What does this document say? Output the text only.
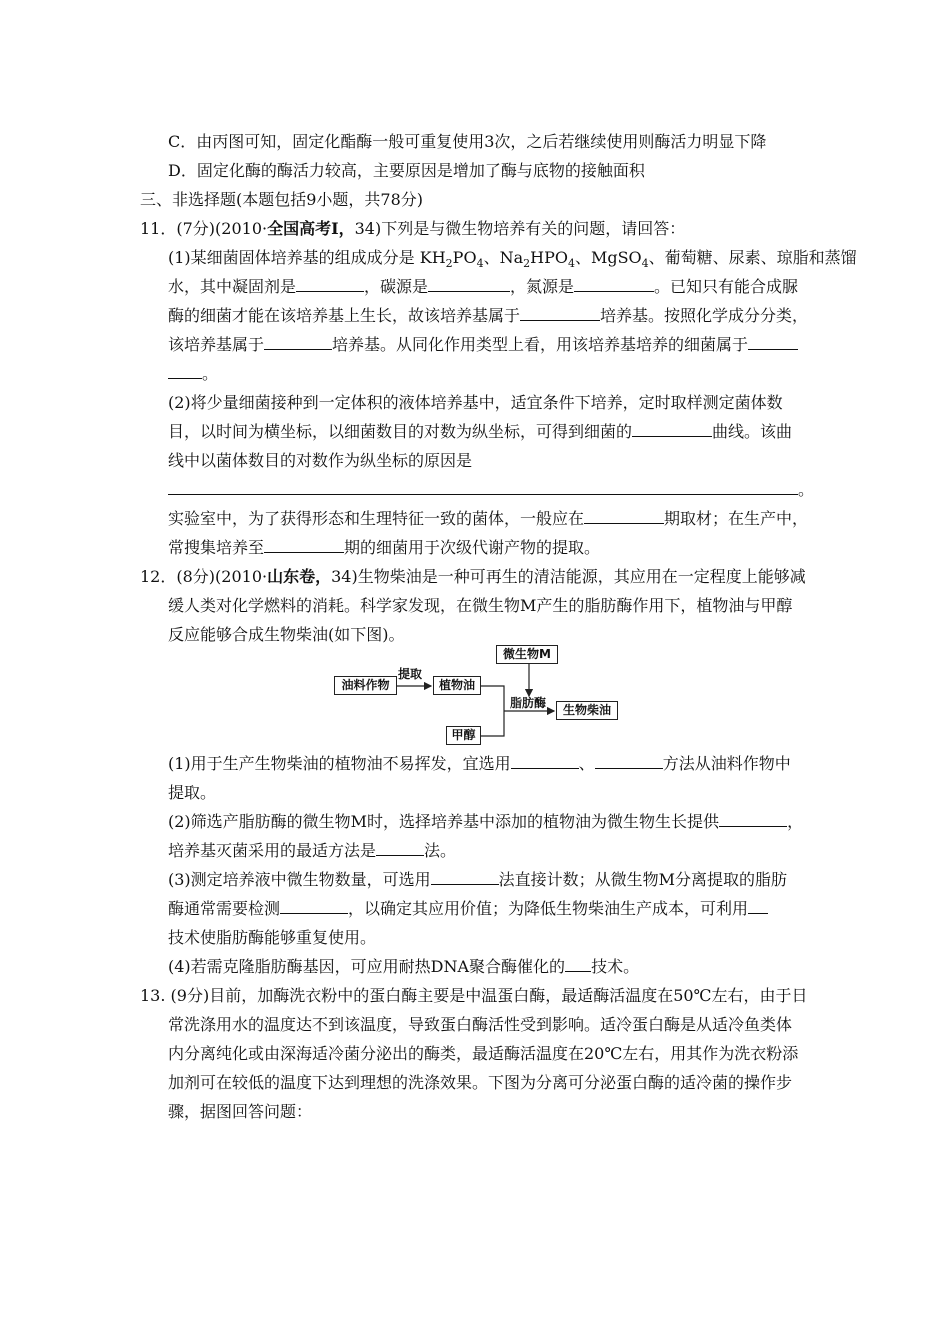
C．由丙图可知，固定化酯酶一般可重复使用3次，之后若继续使用则酶活力明显下降
D．固定化酶的酶活力较高，主要原因是增加了酶与底物的接触面积
三、非选择题(本题包括9小题，共78分)
11．(7分)(2010·全国高考Ⅰ，34)下列是与微生物培养有关的问题，请回答：
(1)某细菌固体培养基的组成成分是 $KH_2PO_4$、$Na_2HPO_4$、MgSO$_4$、葡萄糖、尿素、琼脂和蒸馏
水，其中凝固剂是	，碳源是	，氮源是	。已知只有能合成脲
酶的细菌才能在该培养基上生长，故该培养基属于	培养基。按照化学成分分类，
该培养基属于	培养基。从同化作用类型上看，用该培养基培养的细菌属于
。
(2)将少量细菌接种到一定体积的液体培养基中，适宜条件下培养，定时取样测定菌体数
目，以时间为横坐标，以细菌数目的对数为纵坐标，可得到细菌的	曲线。该曲
线中以菌体数目的对数作为纵坐标的原因是
。
实验室中，为了获得形态和生理特征一致的菌体，一般应在	期取材；在生产中，
常搜集培养至	期的细菌用于次级代谢产物的提取。
12．(8分)(2010·山东卷，34)生物柴油是一种可再生的清洁能源，其应用在一定程度上能够减
缓人类对化学燃料的消耗。科学家发现，在微生物M产生的脂肪酶作用下，植物油与甲醇
反应能够合成生物柴油(如下图)。
油料作物
提取
植物油
微生物M
脂肪酶	生物柴油
甲醇
(1)用于生产生物柴油的植物油不易挥发，宜选用	、	方法从油料作物中
提取。
(2)筛选产脂肪酶的微生物M时，选择培养基中添加的植物油为微生物生长提供	，
培养基灭菌采用的最适方法是	法。
(3)测定培养液中微生物数量，可选用	法直接计数；从微生物M分离提取的脂肪
酶通常需要检测	，以确定其应用价值；为降低生物柴油生产成本，可利用
技术使脂肪酶能够重复使用。
(4)若需克隆脂肪酶基因，可应用耐热DNA聚合酶催化的 技术。
13. (9分)目前，加酶洗衣粉中的蛋白酶主要是中温蛋白酶，最适酶活温度在50℃左右，由于日
常洗涤用水的温度达不到该温度，导致蛋白酶活性受到影响。适冷蛋白酶是从适冷鱼类体
内分离纯化或由深海适冷菌分泌出的酶类，最适酶活温度在20℃左右，用其作为洗衣粉添
加剂可在较低的温度下达到理想的洗涤效果。下图为分离可分泌蛋白酶的适冷菌的操作步
骤，据图回答问题：
